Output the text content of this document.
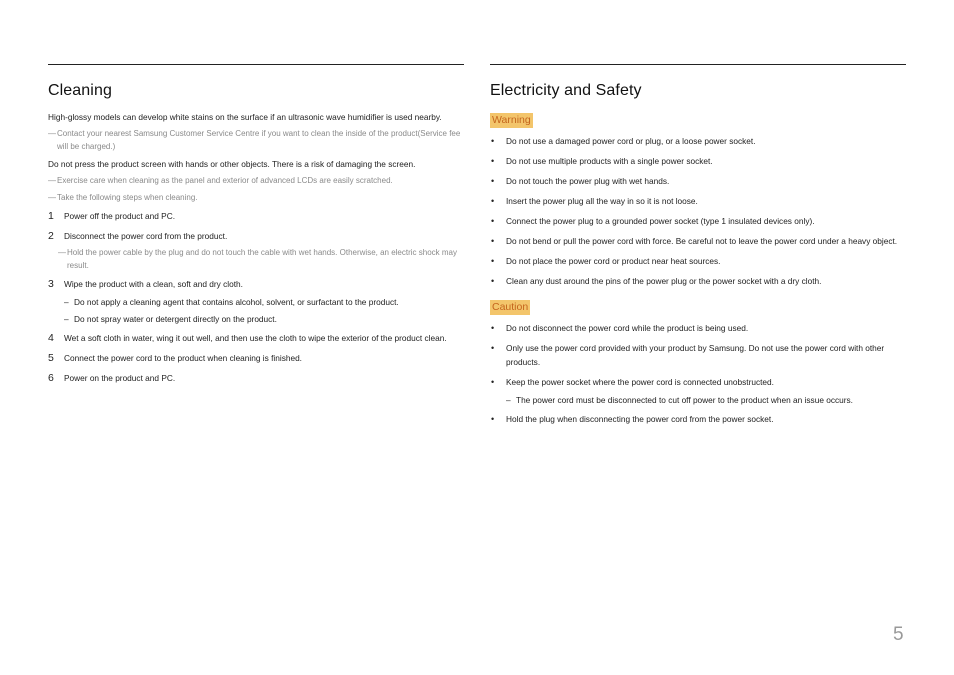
Cleaning

High-glossy models can develop white stains on the surface if an ultrasonic wave humidifier is used nearby.

― Contact your nearest Samsung Customer Service Centre if you want to clean the inside of the product(Service fee will be charged.)

Do not press the product screen with hands or other objects. There is a risk of damaging the screen.

― Exercise care when cleaning as the panel and exterior of advanced LCDs are easily scratched.
― Take the following steps when cleaning.
1 Power off the product and PC.
2 Disconnect the power cord from the product.
― Hold the power cable by the plug and do not touch the cable with wet hands. Otherwise, an electric shock may result.
3 Wipe the product with a clean, soft and dry cloth.
– Do not apply a cleaning agent that contains alcohol, solvent, or surfactant to the product.
– Do not spray water or detergent directly on the product.
4 Wet a soft cloth in water, wing it out well, and then use the cloth to wipe the exterior of the product clean.
5 Connect the power cord to the product when cleaning is finished.
6 Power on the product and PC.
Electricity and Safety
Warning
• Do not use a damaged power cord or plug, or a loose power socket.
• Do not use multiple products with a single power socket.
• Do not touch the power plug with wet hands.
• Insert the power plug all the way in so it is not loose.
• Connect the power plug to a grounded power socket (type 1 insulated devices only).
• Do not bend or pull the power cord with force. Be careful not to leave the power cord under a heavy object.
• Do not place the power cord or product near heat sources.
• Clean any dust around the pins of the power plug or the power socket with a dry cloth.
Caution
• Do not disconnect the power cord while the product is being used.
• Only use the power cord provided with your product by Samsung. Do not use the power cord with other products.
• Keep the power socket where the power cord is connected unobstructed.
– The power cord must be disconnected to cut off power to the product when an issue occurs.
• Hold the plug when disconnecting the power cord from the power socket.
5
